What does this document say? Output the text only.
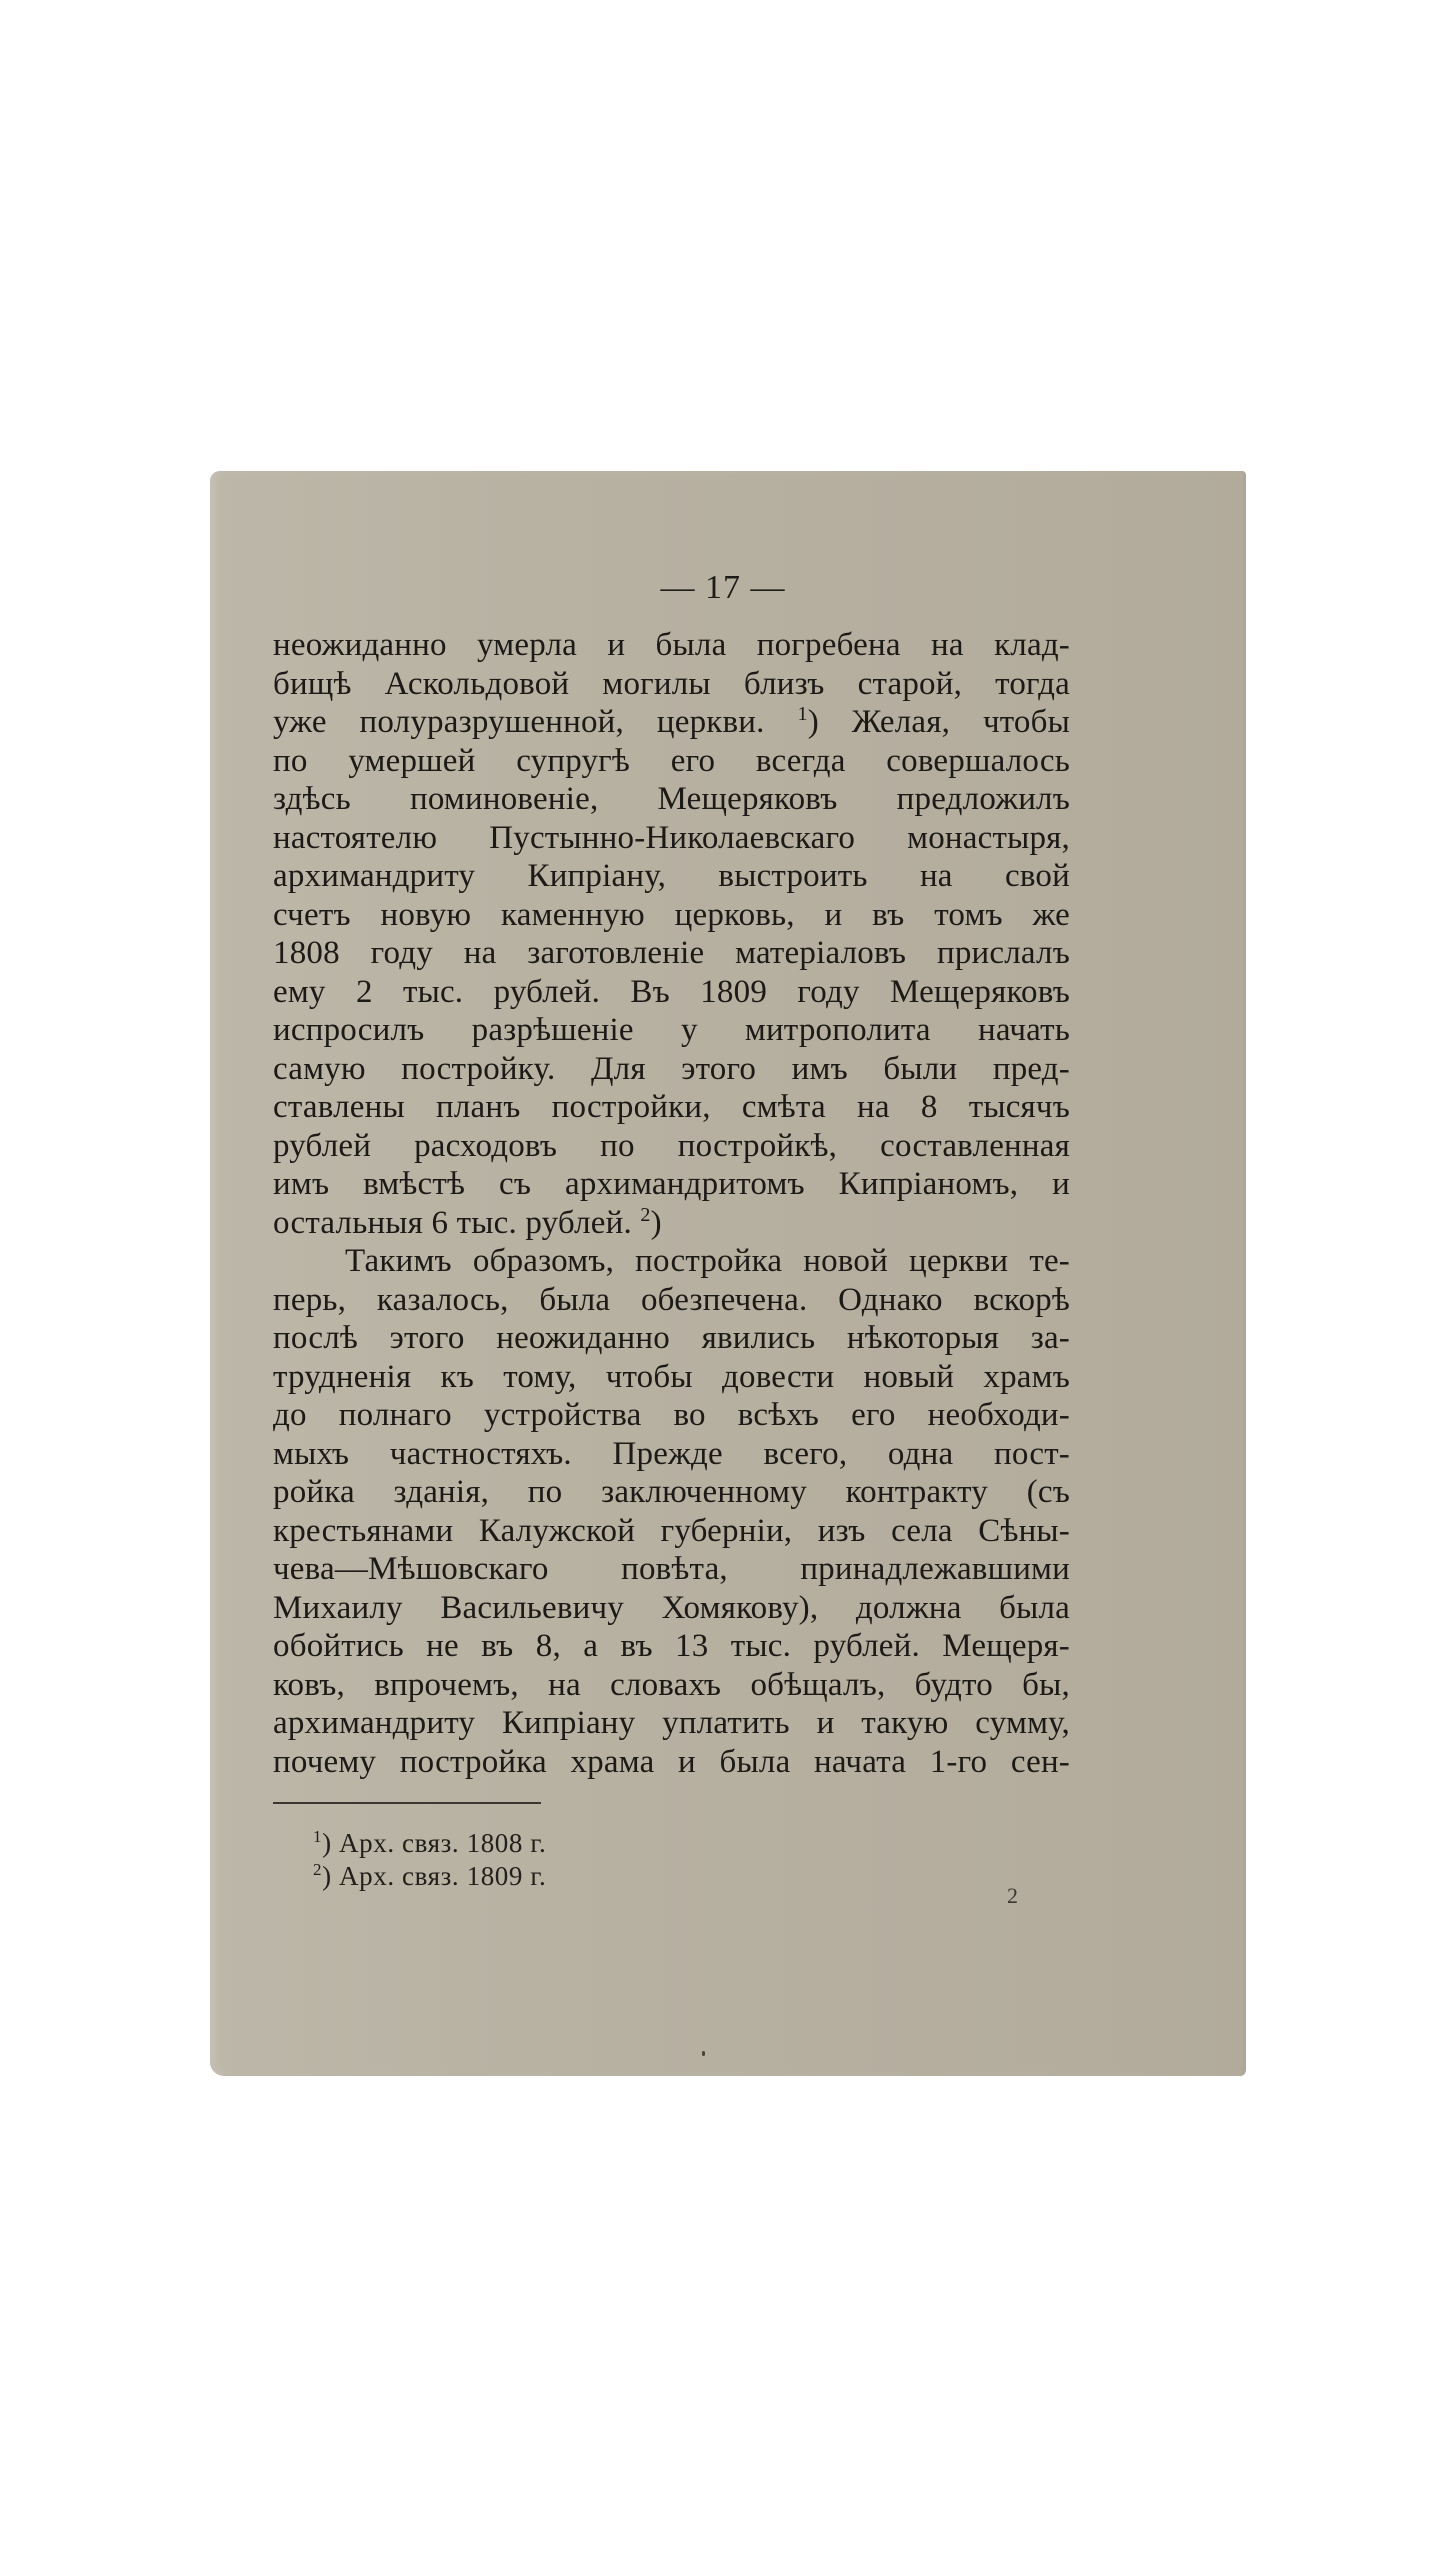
— 17 —
неожиданно умерла и была погребена на клад-
бищѣ Аскольдовой могилы близъ старой, тогда
уже полуразрушенной, церкви. $^1$) Желая, чтобы
по умершей супругѣ его всегда совершалось
здѣсь поминовеніе, Мещеряковъ предложилъ
настоятелю Пустынно-Николаевскаго монастыря,
архимандриту Кипріану, выстроить на свой
счетъ новую каменную церковь, и въ томъ же
1808 году на заготовленіе матеріаловъ прислалъ
ему 2 тыс. рублей. Въ 1809 году Мещеряковъ
испросилъ разрѣшеніе у митрополита начать
самую постройку. Для этого имъ были пред-
ставлены планъ постройки, смѣта на 8 тысячъ
рублей расходовъ по постройкѣ, составленная
имъ вмѣстѣ съ архимандритомъ Кипріаномъ, и
остальныя 6 тыс. рублей. $^2$)
Такимъ образомъ, постройка новой церкви те-
перь, казалось, была обезпечена. Однако вскорѣ
послѣ этого неожиданно явились нѣкоторыя за-
трудненія къ тому, чтобы довести новый храмъ
до полнаго устройства во всѣхъ его необходи-
мыхъ частностяхъ. Прежде всего, одна пост-
ройка зданія, по заключенному контракту (съ
крестьянами Калужской губерніи, изъ села Сѣны-
чева—Мѣшовскаго повѣта, принадлежавшими
Михаилу Васильевичу Хомякову), должна была
обойтись не въ 8, а въ 13 тыс. рублей. Мещеря-
ковъ, впрочемъ, на словахъ обѣщалъ, будто бы,
архимандриту Кипріану уплатить и такую сумму,
почему постройка храма и была начата 1-го сен-
$^1$) Арх. связ. 1808 г.
$^2$) Арх. связ. 1809 г.
2
